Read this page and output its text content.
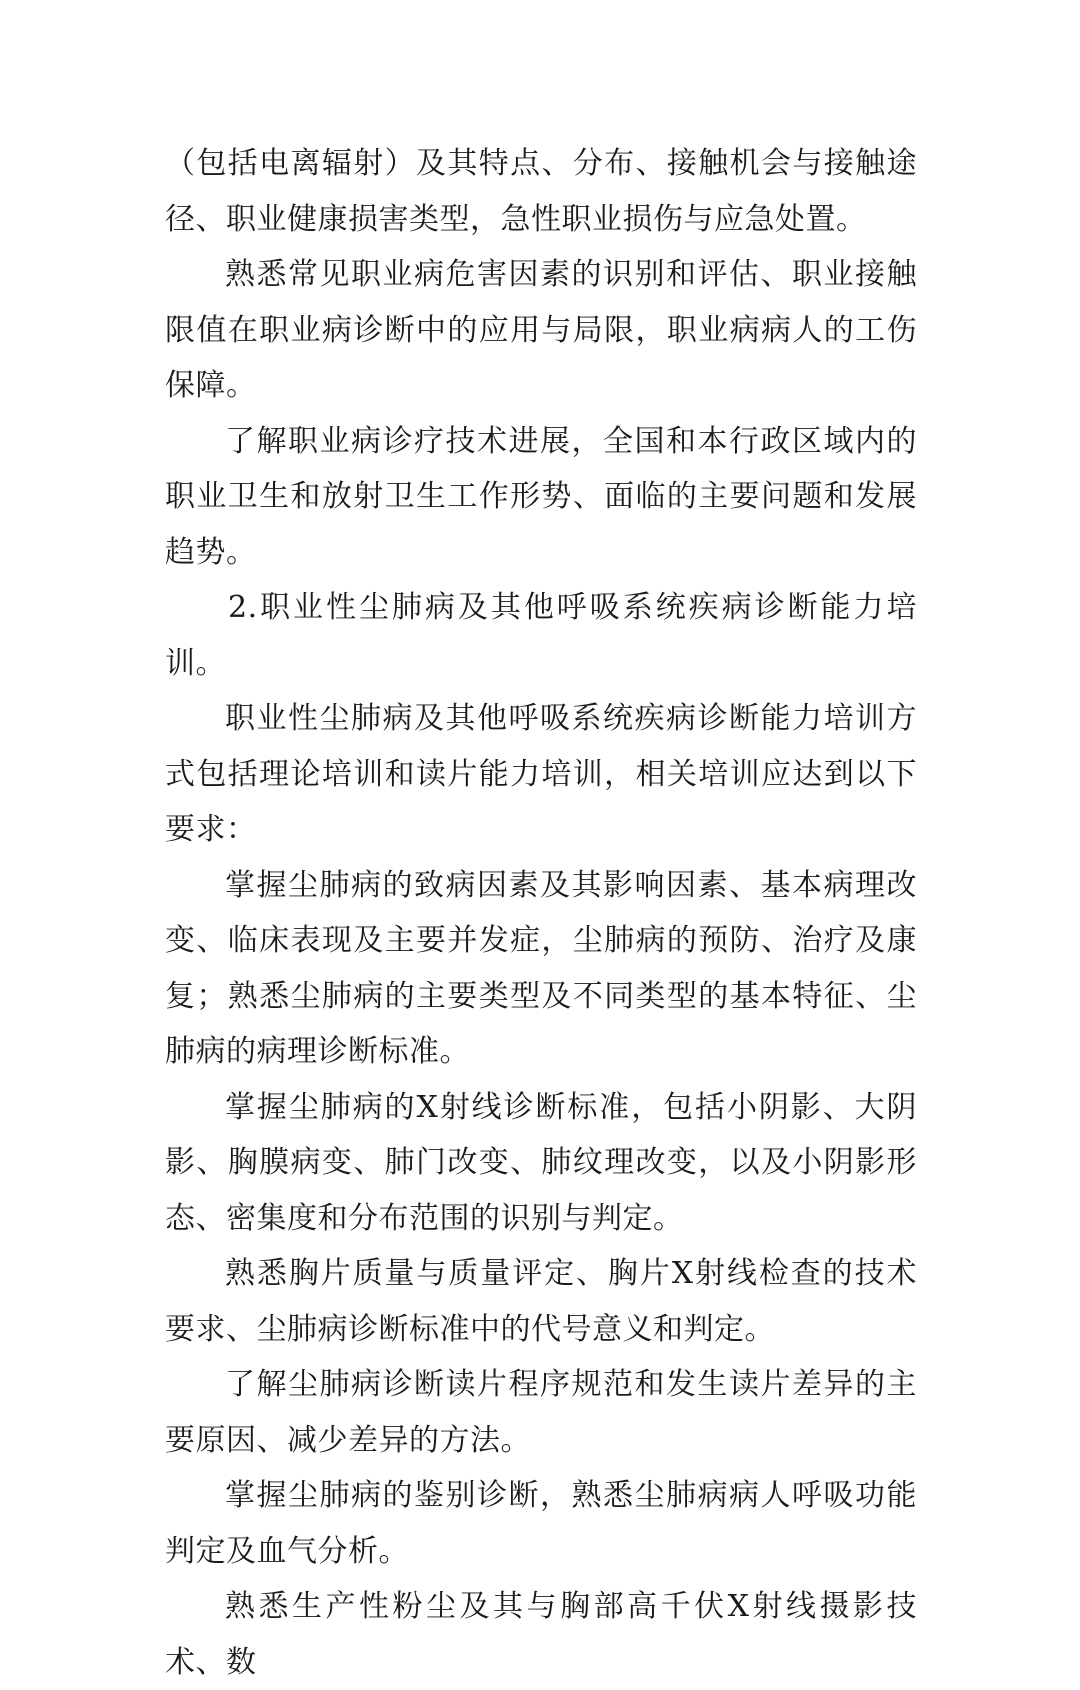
（包括电离辐射）及其特点、分布、接触机会与接触途径、职业健康损害类型，急性职业损伤与应急处置。

熟悉常见职业病危害因素的识别和评估、职业接触限值在职业病诊断中的应用与局限，职业病病人的工伤保障。

了解职业病诊疗技术进展，全国和本行政区域内的职业卫生和放射卫生工作形势、面临的主要问题和发展趋势。

2.职业性尘肺病及其他呼吸系统疾病诊断能力培训。

职业性尘肺病及其他呼吸系统疾病诊断能力培训方式包括理论培训和读片能力培训，相关培训应达到以下要求：

掌握尘肺病的致病因素及其影响因素、基本病理改变、临床表现及主要并发症，尘肺病的预防、治疗及康复；熟悉尘肺病的主要类型及不同类型的基本特征、尘肺病的病理诊断标准。

掌握尘肺病的X射线诊断标准，包括小阴影、大阴影、胸膜病变、肺门改变、肺纹理改变，以及小阴影形态、密集度和分布范围的识别与判定。

熟悉胸片质量与质量评定、胸片X射线检查的技术要求、尘肺病诊断标准中的代号意义和判定。

了解尘肺病诊断读片程序规范和发生读片差异的主要原因、减少差异的方法。

掌握尘肺病的鉴别诊断，熟悉尘肺病病人呼吸功能判定及血气分析。

熟悉生产性粉尘及其与胸部高千伏X射线摄影技术、数
